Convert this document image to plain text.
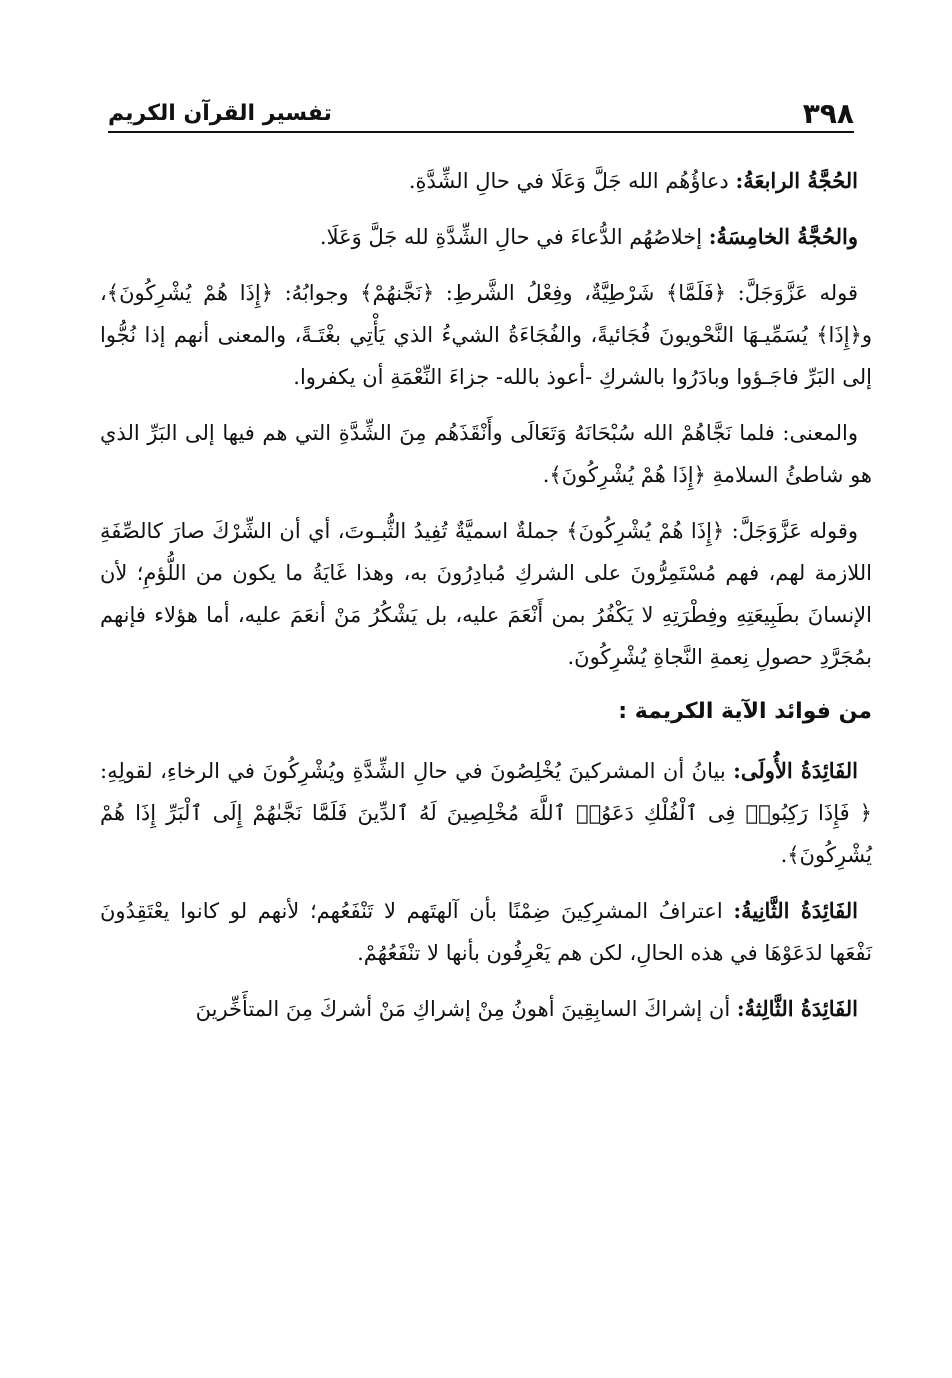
٣٩٨
تفسير القرآن الكريم

الحُجَّةُ الرابعَةُ: دعاؤُهُم الله جَلَّ وَعَلَا في حالِ الشِّدَّةِ.

والحُجَّةُ الخامِسَةُ: إخلاصُهُم الدُّعاءَ في حالِ الشِّدَّةِ لله جَلَّ وَعَلَا.

قوله عَزَّوَجَلَّ: ﴿فَلَمَّا﴾ شَرْطِيَّةٌ، وفِعْلُ الشَّرطِ: ﴿نَجَّنهُمْ﴾ وجوابُهُ: ﴿إِذَا هُمْ يُشْرِكُونَ﴾، و﴿إِذَا﴾ يُسَمِّيـهَا النَّحْويونَ فُجَائيةً، والفُجَاءَةُ الشيءُ الذي يَأْتِي بغْتَـةً، والمعنى أنهم إذا نُجُّوا إلى البَرِّ فاجَـؤوا وبادَرُوا بالشركِ -أعوذ بالله- جزاءَ النِّعْمَةِ أن يكفروا.

والمعنى: فلما نَجَّاهُمْ الله سُبْحَانَهُ وَتَعَالَى وأَنْقَذَهُم مِنَ الشِّدَّةِ التي هم فيها إلى البَرِّ الذي هو شاطئُ السلامةِ ﴿إِذَا هُمْ يُشْرِكُونَ﴾.

وقوله عَزَّوَجَلَّ: ﴿إِذَا هُمْ يُشْرِكُونَ﴾ جملةٌ اسميَّةٌ تُفِيدُ الثُّبـوتَ، أي أن الشِّرْكَ صارَ كالصِّفَةِ اللازمة لهم، فهم مُسْتَمِرُّونَ على الشركِ مُبادِرُونَ به، وهذا غَايَةُ ما يكون من اللُّؤمِ؛ لأن الإنسانَ بطَبِيعَتِهِ وفِطْرَتِهِ لا يَكْفُرُ بمن أَنْعَمَ عليه، بل يَشْكُرُ مَنْ أنعَمَ عليه، أما هؤلاء فإنهم بمُجَرَّدِ حصولِ نِعمةِ النَّجاةِ يُشْرِكُونَ.

من فوائد الآية الكريمة :

الفَائِدَةُ الأُولَى: بيانُ أن المشركينَ يُخْلِصُونَ في حالِ الشِّدَّةِ ويُشْرِكُونَ في الرخاءِ، لقولِهِ: ﴿ فَإِذَا رَكِبُوا۟ فِى ٱلْفُلْكِ دَعَوُا۟ ٱللَّهَ مُخْلِصِينَ لَهُ ٱلدِّينَ فَلَمَّا نَجَّىٰهُمْ إِلَى ٱلْبَرِّ إِذَا هُمْ يُشْرِكُونَ﴾.

الفَائِدَةُ الثَّانِيةُ: اعترافُ المشرِكِينَ ضِمْنًا بأن آلهتَهم لا تَنْفَعُهم؛ لأنهم لو كانوا يعْتَقِدُونَ نَفْعَها لدَعَوْهَا في هذه الحالِ، لكن هم يَعْرِفُون بأنها لا تنْفَعُهُمْ.

الفَائِدَةُ الثَّالِثةُ: أن إشراكَ السابِقِينَ أهونُ مِنْ إشراكِ مَنْ أشركَ مِنَ المتأَخِّرينَ
